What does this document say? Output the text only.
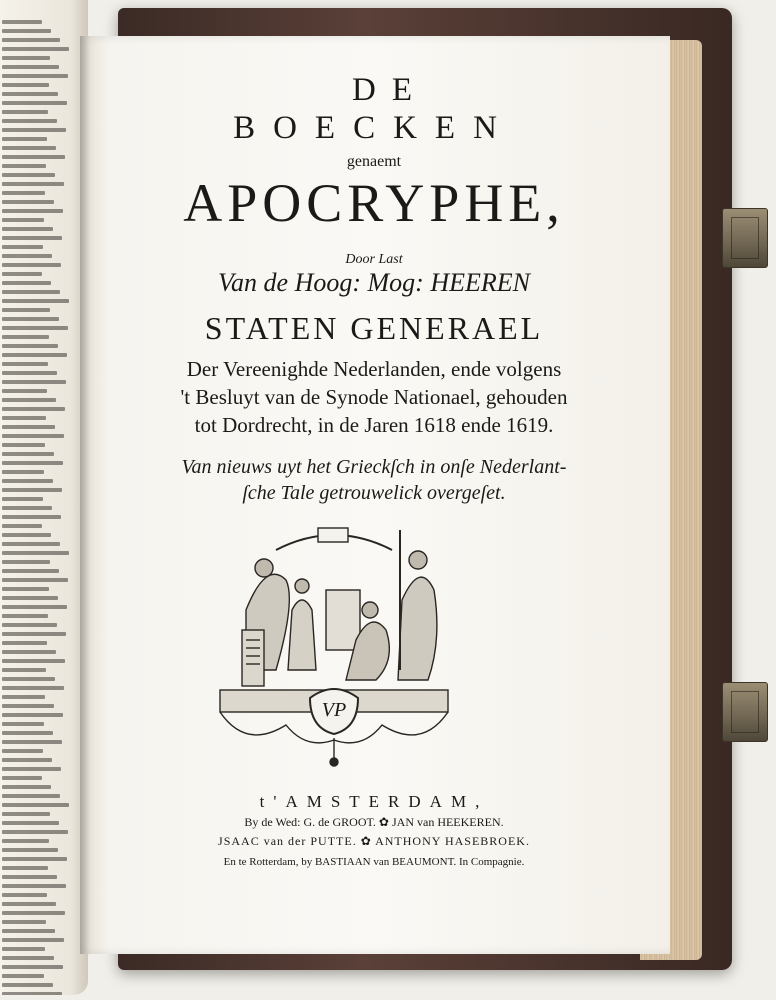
DE
BOECKEN
genaemt
APOCRYPHE,
Door Last
Van de Hoog: Mog: HEEREN
STATEN GENERAEL
Der Vereenighde Nederlanden, ende volgens
't Besluyt van de Synode Nationael, gehouden
tot Dordrecht, in de Jaren 1618 ende 1619.
Van nieuws uyt het Grieckſch in onſe Nederlant-
ſche Tale getrouwelick overgeſet.
VP
t'AMSTERDAM,
By de Wed: G. de GROOT. ✿ JAN van HEEKEREN.
JSAAC van der PUTTE. ✿ ANTHONY HASEBROEK.
En te Rotterdam, by BASTIAAN van BEAUMONT. In Compagnie.
